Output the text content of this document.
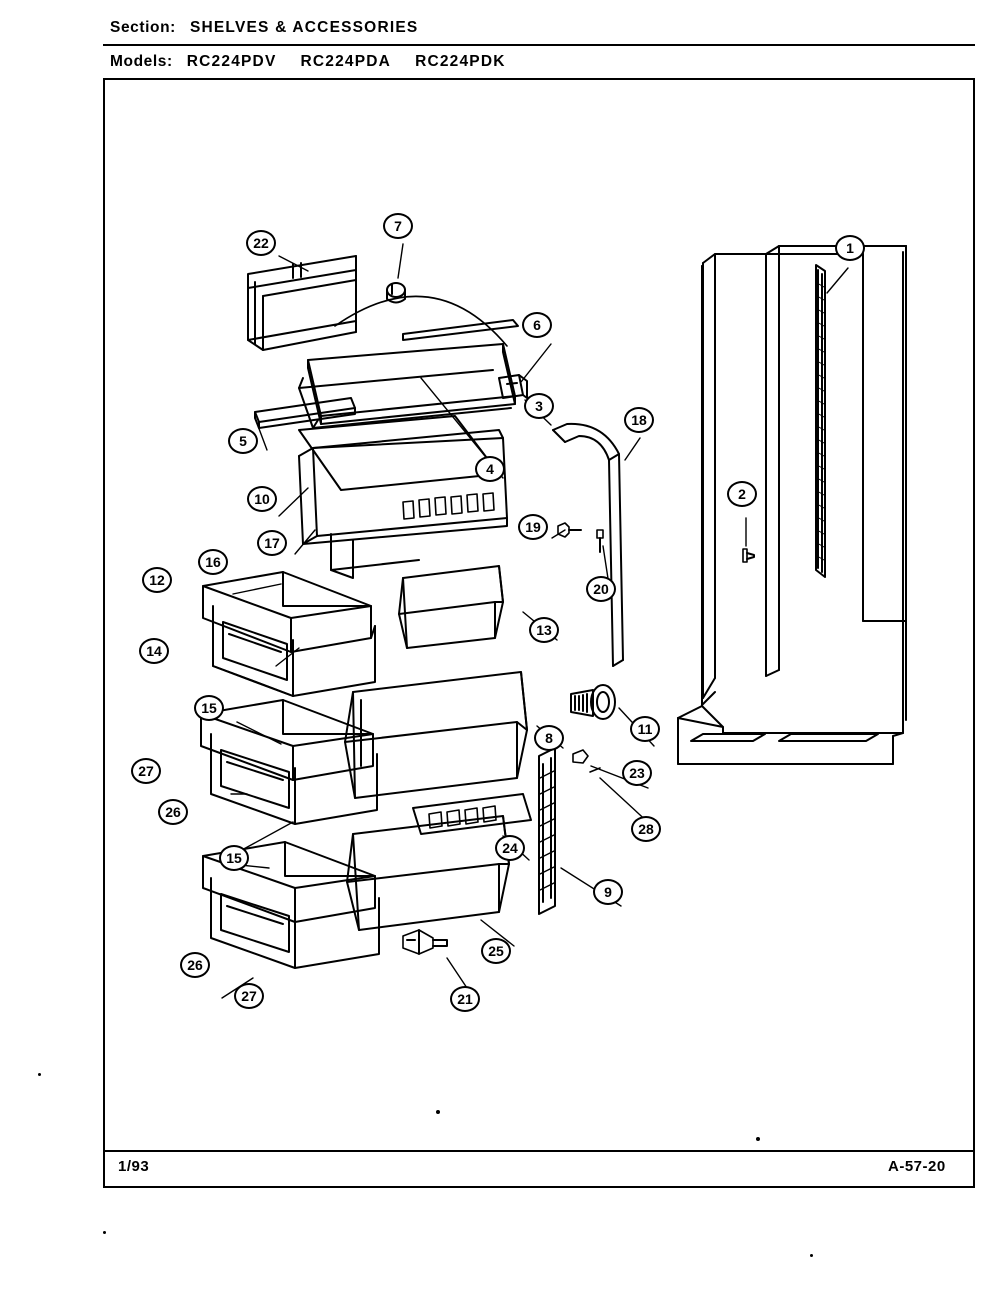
Section: SHELVES & ACCESSORIES
Models: RC224PDV RC224PDA RC224PDK
1/93	A-57-20
1
2
3
4
5
6
7
8
9
10
11
12
13
14
15
16
17
18
19
20
21
22
23
24
25
26
27
28
15
26
27
